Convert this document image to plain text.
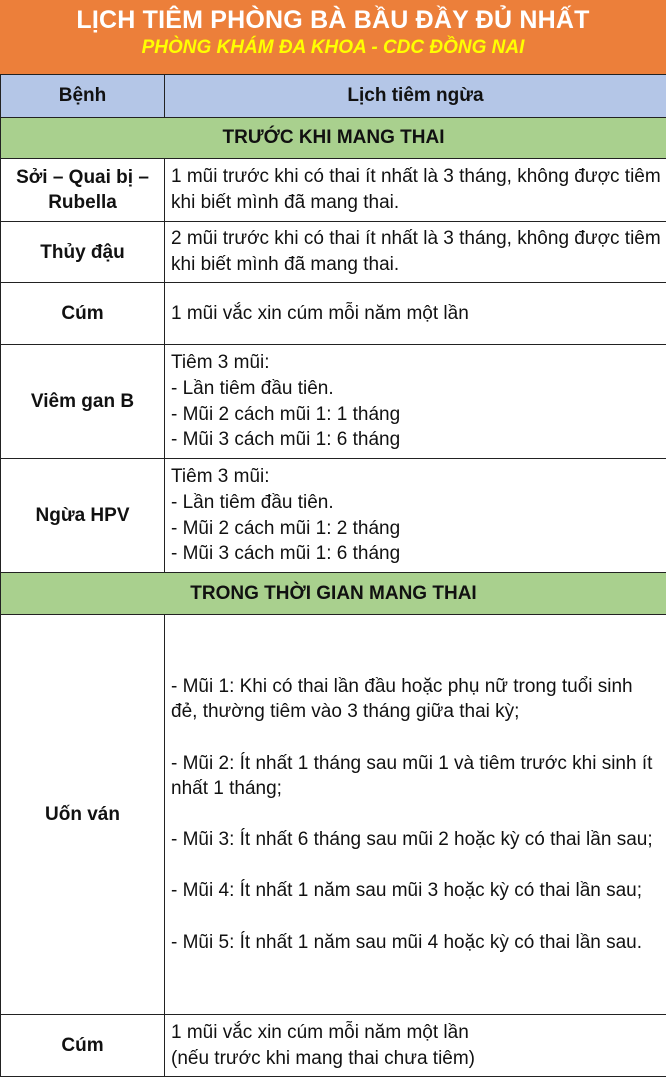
LỊCH TIÊM PHÒNG BÀ BẦU ĐẦY ĐỦ NHẤT
PHÒNG KHÁM ĐA KHOA - CDC ĐỒNG NAI
Bệnh	Lịch tiêm ngừa
TRƯỚC KHI MANG THAI	
Sởi – Quai bị – Rubella	1 mũi trước khi có thai ít nhất là 3 tháng, không được tiêm khi biết mình đã mang thai.
Thủy đậu	2 mũi trước khi có thai ít nhất là 3 tháng, không được tiêm khi biết mình đã mang thai.
Cúm	1 mũi vắc xin cúm mỗi năm một lần
Viêm gan B	Tiêm 3 mũi:
- Lần tiêm đầu tiên.
- Mũi 2 cách mũi 1: 1 tháng
- Mũi 3 cách mũi 1: 6 tháng
Ngừa HPV	Tiêm 3 mũi:
- Lần tiêm đầu tiên.
- Mũi 2 cách mũi 1: 2 tháng
- Mũi 3 cách mũi 1: 6 tháng
TRONG THỜI GIAN MANG THAI	
Uốn ván	- Mũi 1: Khi có thai lần đầu hoặc phụ nữ trong tuổi sinh đẻ, thường tiêm vào 3 tháng giữa thai kỳ;

- Mũi 2: Ít nhất 1 tháng sau mũi 1 và tiêm trước khi sinh ít nhất 1 tháng;

- Mũi 3: Ít nhất 6 tháng sau mũi 2 hoặc kỳ có thai lần sau;

- Mũi 4: Ít nhất 1 năm sau mũi 3 hoặc kỳ có thai lần sau;

- Mũi 5: Ít nhất 1 năm sau mũi 4 hoặc kỳ có thai lần sau.
Cúm	1 mũi vắc xin cúm mỗi năm một lần
(nếu trước khi mang thai chưa tiêm)
